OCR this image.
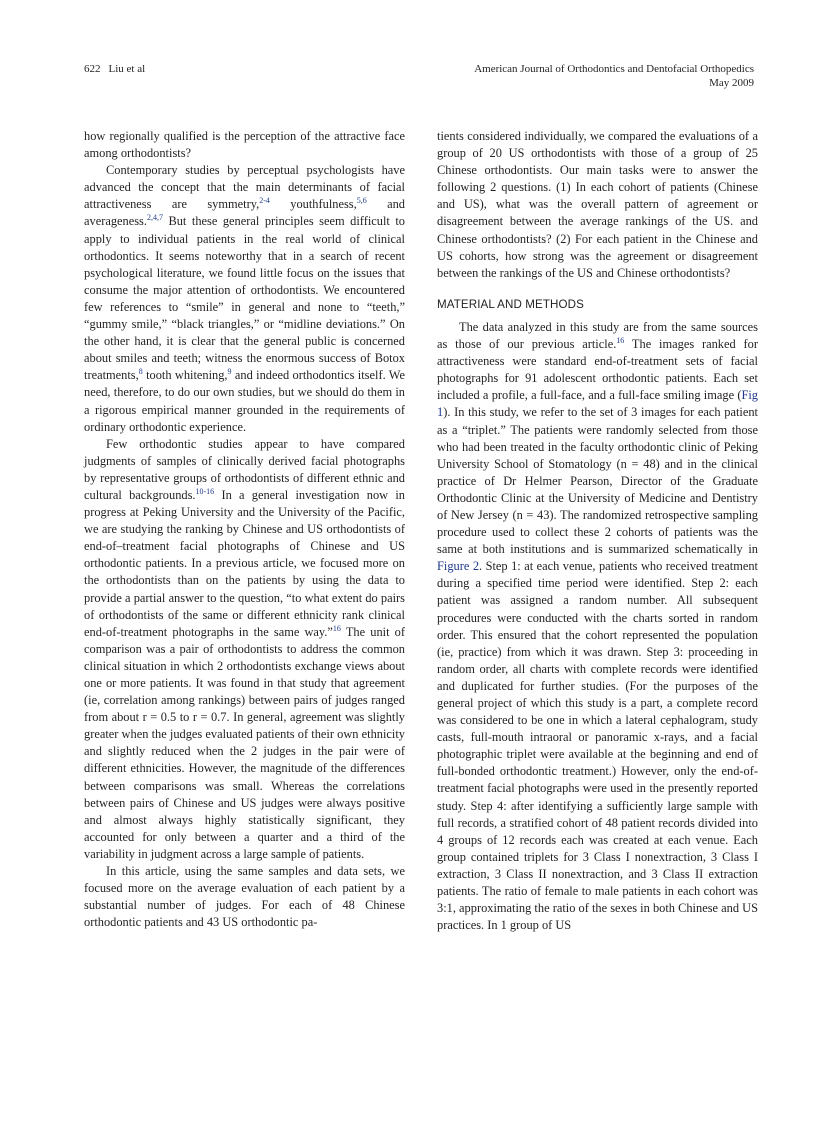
622 Liu et al	American Journal of Orthodontics and Dentofacial Orthopedics
May 2009

how regionally qualified is the perception of the attractive face among orthodontists?

Contemporary studies by perceptual psychologists have advanced the concept that the main determinants of facial attractiveness are symmetry,$^{2-4}$ youthfulness,$^{5,6}$ and averageness.$^{2,4,7}$ But these general principles seem difficult to apply to individual patients in the real world of clinical orthodontics. It seems noteworthy that in a search of recent psychological literature, we found little focus on the issues that consume the major attention of orthodontists. We encountered few references to “smile” in general and none to “teeth,” “gummy smile,” “black triangles,” or “midline deviations.” On the other hand, it is clear that the general public is concerned about smiles and teeth; witness the enormous success of Botox treatments,$^8$ tooth whitening,$^9$ and indeed orthodontics itself. We need, therefore, to do our own studies, but we should do them in a rigorous empirical manner grounded in the requirements of ordinary orthodontic experience.

Few orthodontic studies appear to have compared judgments of samples of clinically derived facial photographs by representative groups of orthodontists of different ethnic and cultural backgrounds.$^{10-16}$ In a general investigation now in progress at Peking University and the University of the Pacific, we are studying the ranking by Chinese and US orthodontists of end-of–treatment facial photographs of Chinese and US orthodontic patients. In a previous article, we focused more on the orthodontists than on the patients by using the data to provide a partial answer to the question, “to what extent do pairs of orthodontists of the same or different ethnicity rank clinical end-of-treatment photographs in the same way.”$^{16}$ The unit of comparison was a pair of orthodontists to address the common clinical situation in which 2 orthodontists exchange views about one or more patients. It was found in that study that agreement (ie, correlation among rankings) between pairs of judges ranged from about r = 0.5 to r = 0.7. In general, agreement was slightly greater when the judges evaluated patients of their own ethnicity and slightly reduced when the 2 judges in the pair were of different ethnicities. However, the magnitude of the differences between comparisons was small. Whereas the correlations between pairs of Chinese and US judges were always positive and almost always highly statistically significant, they accounted for only between a quarter and a third of the variability in judgment across a large sample of patients.

In this article, using the same samples and data sets, we focused more on the average evaluation of each patient by a substantial number of judges. For each of 48 Chinese orthodontic patients and 43 US orthodontic pa-

tients considered individually, we compared the evaluations of a group of 20 US orthodontists with those of a group of 25 Chinese orthodontists. Our main tasks were to answer the following 2 questions. (1) In each cohort of patients (Chinese and US), what was the overall pattern of agreement or disagreement between the average rankings of the US. and Chinese orthodontists? (2) For each patient in the Chinese and US cohorts, how strong was the agreement or disagreement between the rankings of the US and Chinese orthodontists?

MATERIAL AND METHODS

The data analyzed in this study are from the same sources as those of our previous article.$^{16}$ The images ranked for attractiveness were standard end-of-treatment sets of facial photographs for 91 adolescent orthodontic patients. Each set included a profile, a full-face, and a full-face smiling image (Fig 1). In this study, we refer to the set of 3 images for each patient as a “triplet.” The patients were randomly selected from those who had been treated in the faculty orthodontic clinic of Peking University School of Stomatology (n = 48) and in the clinical practice of Dr Helmer Pearson, Director of the Graduate Orthodontic Clinic at the University of Medicine and Dentistry of New Jersey (n = 43). The randomized retrospective sampling procedure used to collect these 2 cohorts of patients was the same at both institutions and is summarized schematically in Figure 2. Step 1: at each venue, patients who received treatment during a specified time period were identified. Step 2: each patient was assigned a random number. All subsequent procedures were conducted with the charts sorted in random order. This ensured that the cohort represented the population (ie, practice) from which it was drawn. Step 3: proceeding in random order, all charts with complete records were identified and duplicated for further studies. (For the purposes of the general project of which this study is a part, a complete record was considered to be one in which a lateral cephalogram, study casts, full-mouth intraoral or panoramic x-rays, and a facial photographic triplet were available at the beginning and end of full-bonded orthodontic treatment.) However, only the end-of-treatment facial photographs were used in the presently reported study. Step 4: after identifying a sufficiently large sample with full records, a stratified cohort of 48 patient records divided into 4 groups of 12 records each was created at each venue. Each group contained triplets for 3 Class I nonextraction, 3 Class I extraction, 3 Class II nonextraction, and 3 Class II extraction patients. The ratio of female to male patients in each cohort was 3:1, approximating the ratio of the sexes in both Chinese and US practices. In 1 group of US
